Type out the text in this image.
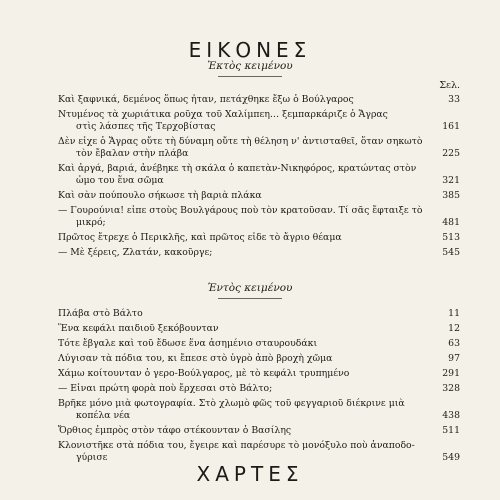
ΕΙΚΟΝΕΣ
Ἐκτὸς κειμένου
Σελ.
Καὶ ξαφνικά, δεμένος ὅπως ἦταν, πετάχθηκε ἔξω ὁ Βούλγαρος	33
Ντυμένος τὰ χωριάτικα ροῦχα τοῦ Χαλίμπεη… ξεμπαρκάριζε ὁ Ἄγρας
στὶς λάσπες τῆς Τερχοβίστας	161
Δὲν εἶχε ὁ Ἄγρας οὔτε τὴ δύναμη οὔτε τὴ θέληση ν' ἀντισταθεῖ, ὅταν σηκωτὸ
τὸν ἔβαλαν στὴν πλάβα	225
Καὶ ἀργά, βαριά, ἀνέβηκε τὴ σκάλα ὁ καπετὰν-Νικηφόρος, κρατώντας στὸν
ὦμο του ἕνα σῶμα	321
Καὶ σὰν πούπουλο σήκωσε τὴ βαριὰ πλάκα	385
— Γουρούνια! εἶπε στοὺς Βουλγάρους ποὺ τὸν κρατοῦσαν. Τί σᾶς ἔφταιξε τὸ
μικρό;	481
Πρῶτος ἔτρεχε ὁ Περικλῆς, καὶ πρῶτος εἶδε τὸ ἄγριο θέαμα	513
— Μὲ ξέρεις, Ζλατάν, κακοῦργε;	545
Ἐντὸς κειμένου
Πλάβα στὸ Βάλτο	11
Ἕνα κεφάλι παιδιοῦ ξεκόβουνταν	12
Τότε ἔβγαλε καὶ τοῦ ἔδωσε ἕνα ἀσημένιο σταυρουδάκι	63
Λύγισαν τὰ πόδια του, κι ἔπεσε στὸ ὑγρὸ ἀπὸ βροχὴ χῶμα	97
Χάμω κοίτουνταν ὁ γερο-Βούλγαρος, μὲ τὸ κεφάλι τρυπημένο	291
— Εἶναι πρώτη φορὰ ποὺ ἔρχεσαι στὸ Βάλτο;	328
Βρῆκε μόνο μιὰ φωτογραφία. Στὸ χλωμὸ φῶς τοῦ φεγγαριοῦ διέκρινε μιὰ
κοπέλα νέα	438
Ὄρθιος ἐμπρὸς στὸν τάφο στέκουνταν ὁ Βασίλης	511
Κλονιστῆκε στὰ πόδια του, ἔγειρε καὶ παρέσυρε τὸ μονόξυλο ποὺ ἀναποδο-
γύρισε	549
ΧΑΡΤΕΣ
